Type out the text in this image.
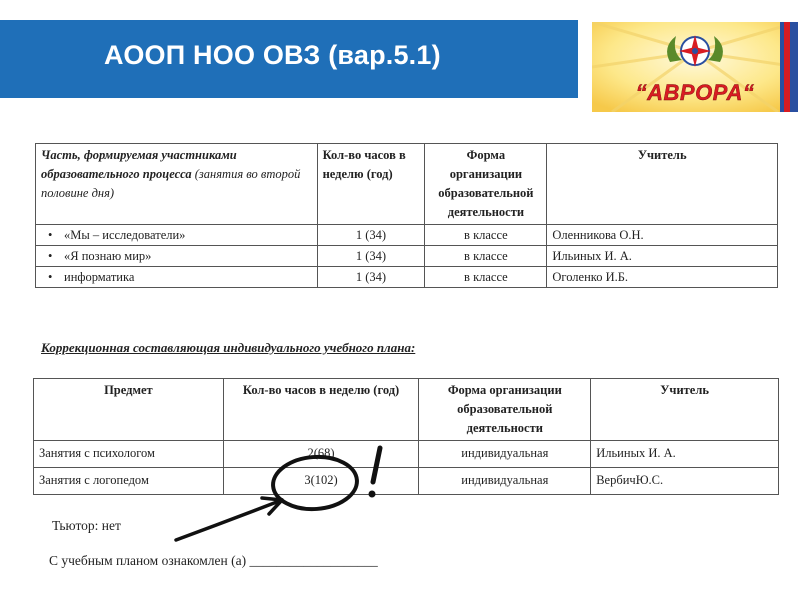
АООП НОО ОВЗ (вар.5.1)
“АВРОРА“
Часть, формируемая участниками образовательного процесса (занятия во второй половине дня)	Кол-во часов в неделю (год)	Форма организации образовательной деятельности	Учитель

• «Мы – исследователи»	1 (34)	в классе	Оленникова О.Н.

• «Я познаю мир»	1 (34)	в классе	Ильиных И. А.

• информатика	1 (34)	в классе	Оголенко И.Б.
Коррекционная составляющая индивидуального учебного плана:
Предмет	Кол-во часов в неделю (год)	Форма организации образовательной деятельности	Учитель
Занятия с психологом	2(68)	индивидуальная	Ильиных И. А.
Занятия с логопедом	3(102)	индивидуальная	ВербичЮ.С.
Тьютор: нет
С учебным планом ознакомлен (а) ___________________
